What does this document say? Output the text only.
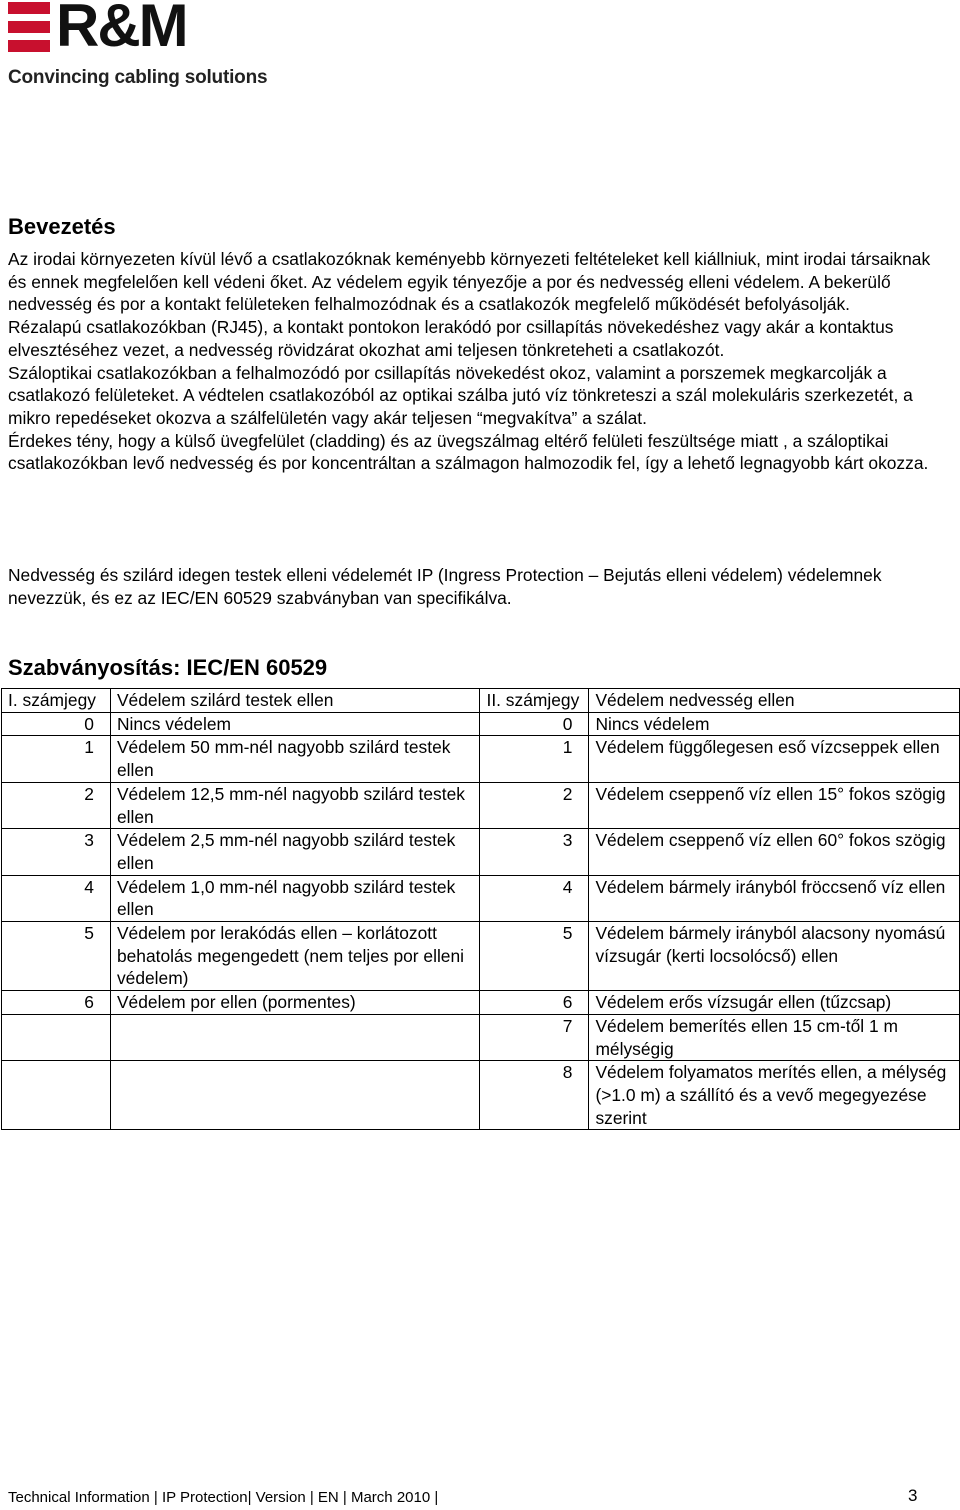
R&M
Convincing cabling solutions
Bevezetés

Az irodai környezeten kívül lévő a csatlakozóknak keményebb környezeti feltételeket kell kiállniuk, mint irodai társaiknak és ennek megfelelően kell védeni őket. Az védelem egyik tényezője a por és nedvesség elleni védelem. A bekerülő nedvesség és por a kontakt felületeken felhalmozódnak és a csatlakozók megfelelő működését befolyásolják.

Rézalapú csatlakozókban (RJ45), a kontakt pontokon lerakódó por csillapítás növekedéshez vagy akár a kontaktus elvesztéséhez vezet, a nedvesség rövidzárat okozhat ami teljesen tönkreteheti a csatlakozót.

Száloptikai csatlakozókban a felhalmozódó por csillapítás növekedést okoz, valamint a porszemek megkarcolják a csatlakozó felületeket. A védtelen csatlakozóból az optikai szálba jutó víz tönkreteszi a szál molekuláris szerkezetét, a mikro repedéseket okozva a szálfelületén vagy akár teljesen “megvakítva” a szálat.

Érdekes tény, hogy a külső üvegfelület (cladding) és az üvegszálmag eltérő felületi feszültsége miatt , a száloptikai csatlakozókban levő nedvesség és por koncentráltan a szálmagon halmozodik fel, így a lehető legnagyobb kárt okozza.

Nedvesség és szilárd idegen testek elleni védelemét IP (Ingress Protection – Bejutás elleni védelem) védelemnek nevezzük, és ez az IEC/EN 60529 szabványban van specifikálva.

Szabványosítás: IEC/EN 60529
I. számjegy	Védelem szilárd testek ellen	II. számjegy	Védelem nedvesség ellen
0	Nincs védelem	0	Nincs védelem
1	Védelem 50 mm-nél nagyobb szilárd testek ellen	1	Védelem függőlegesen eső vízcseppek ellen
2	Védelem 12,5 mm-nél nagyobb szilárd testek ellen	2	Védelem cseppenő víz ellen 15° fokos szögig
3	Védelem 2,5 mm-nél nagyobb szilárd testek ellen	3	Védelem cseppenő víz ellen 60° fokos szögig
4	Védelem 1,0 mm-nél nagyobb szilárd testek ellen	4	Védelem bármely irányból fröccsenő víz ellen
5	Védelem por lerakódás ellen – korlátozott behatolás megengedett (nem teljes por elleni védelem)	5	Védelem bármely irányból alacsony nyomású vízsugár (kerti locsolócső) ellen
6	Védelem por ellen (pormentes)	6	Védelem erős vízsugár ellen (tűzcsap)
		7	Védelem bemerítés ellen 15 cm-től 1 m mélységig
		8	Védelem folyamatos merítés ellen, a mélység (>1.0 m) a szállító és a vevő megegyezése szerint
Technical Information | IP Protection| Version | EN | March 2010 |	3
